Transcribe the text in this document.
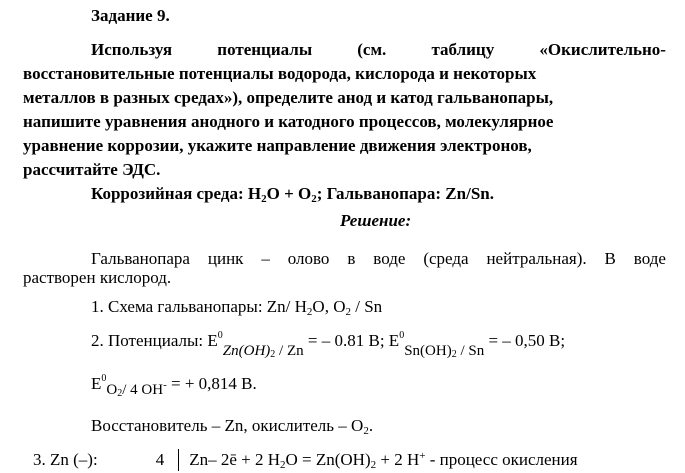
Задание 9.
Используя	потенциалы	(см.	таблицу	«Окислительно-
восстановительные потенциалы водорода, кислорода и некоторых
металлов в разных средах»), определите анод и катод гальванопары,
напишите уравнения анодного и катодного процессов, молекулярное
уравнение коррозии, укажите направление движения электронов,
рассчитайте ЭДС.
Коррозийная среда: $H_2O + O_2$; Гальванопара: Zn/Sn.
Решение:
Гальванопара цинк – олово в воде (среда нейтральная). В воде
растворен кислород.
1. Схема гальванопары: Zn/ $H_2O$, $O_2$ / Sn
2. Потенциалы: $E^0Zn(OH)_2$ / Zn = – 0.81 В; $E^0Sn(OH)_2$ / Sn = – 0,50 В;
$E^0O_2/$ 4 OH- = + 0,814 В.
Восстановитель – Zn, окислитель – $O_2$.
3. Zn (–):	4 Zn– 2ē + 2 $H_2O = Zn(OH)_2 + 2$ H+ - процесс окисления
